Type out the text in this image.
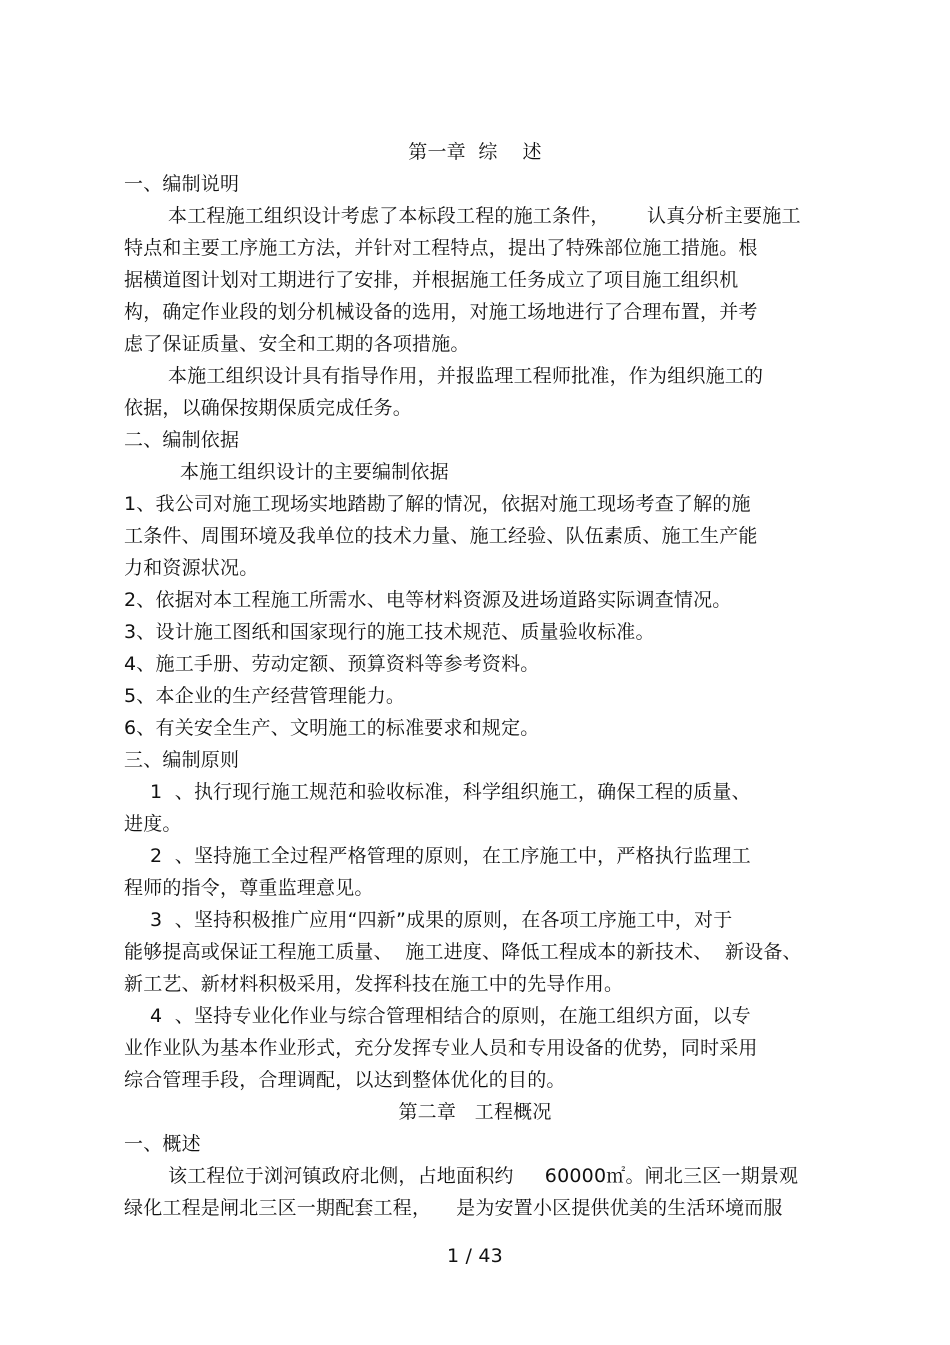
第一章  综    述
一、编制说明
本工程施工组织设计考虑了本标段工程的施工条件，      认真分析主要施工
特点和主要工序施工方法，并针对工程特点，提出了特殊部位施工措施。根
据横道图计划对工期进行了安排，并根据施工任务成立了项目施工组织机
构，确定作业段的划分机械设备的选用，对施工场地进行了合理布置，并考
虑了保证质量、安全和工期的各项措施。
本施工组织设计具有指导作用，并报监理工程师批准，作为组织施工的
依据，以确保按期保质完成任务。
二、编制依据
本施工组织设计的主要编制依据
1、我公司对施工现场实地踏勘了解的情况，依据对施工现场考查了解的施
工条件、周围环境及我单位的技术力量、施工经验、队伍素质、施工生产能
力和资源状况。
2、依据对本工程施工所需水、电等材料资源及进场道路实际调查情况。
3、设计施工图纸和国家现行的施工技术规范、质量验收标准。
4、施工手册、劳动定额、预算资料等参考资料。
5、本企业的生产经营管理能力。
6、有关安全生产、文明施工的标准要求和规定。
三、编制原则
1  、执行现行施工规范和验收标准，科学组织施工，确保工程的质量、
进度。
2  、坚持施工全过程严格管理的原则，在工序施工中，严格执行监理工
程师的指令，尊重监理意见。
3  、坚持积极推广应用“四新”成果的原则，在各项工序施工中，对于
能够提高或保证工程施工质量、  施工进度、降低工程成本的新技术、  新设备、
新工艺、新材料积极采用，发挥科技在施工中的先导作用。
4  、坚持专业化作业与综合管理相结合的原则，在施工组织方面，以专
业作业队为基本作业形式，充分发挥专业人员和专用设备的优势，同时采用
综合管理手段，合理调配，以达到整体优化的目的。
第二章   工程概况
一、概述
该工程位于浏河镇政府北侧，占地面积约     60000㎡。闸北三区一期景观
绿化工程是闸北三区一期配套工程，    是为安置小区提供优美的生活环境而服
1 / 43
